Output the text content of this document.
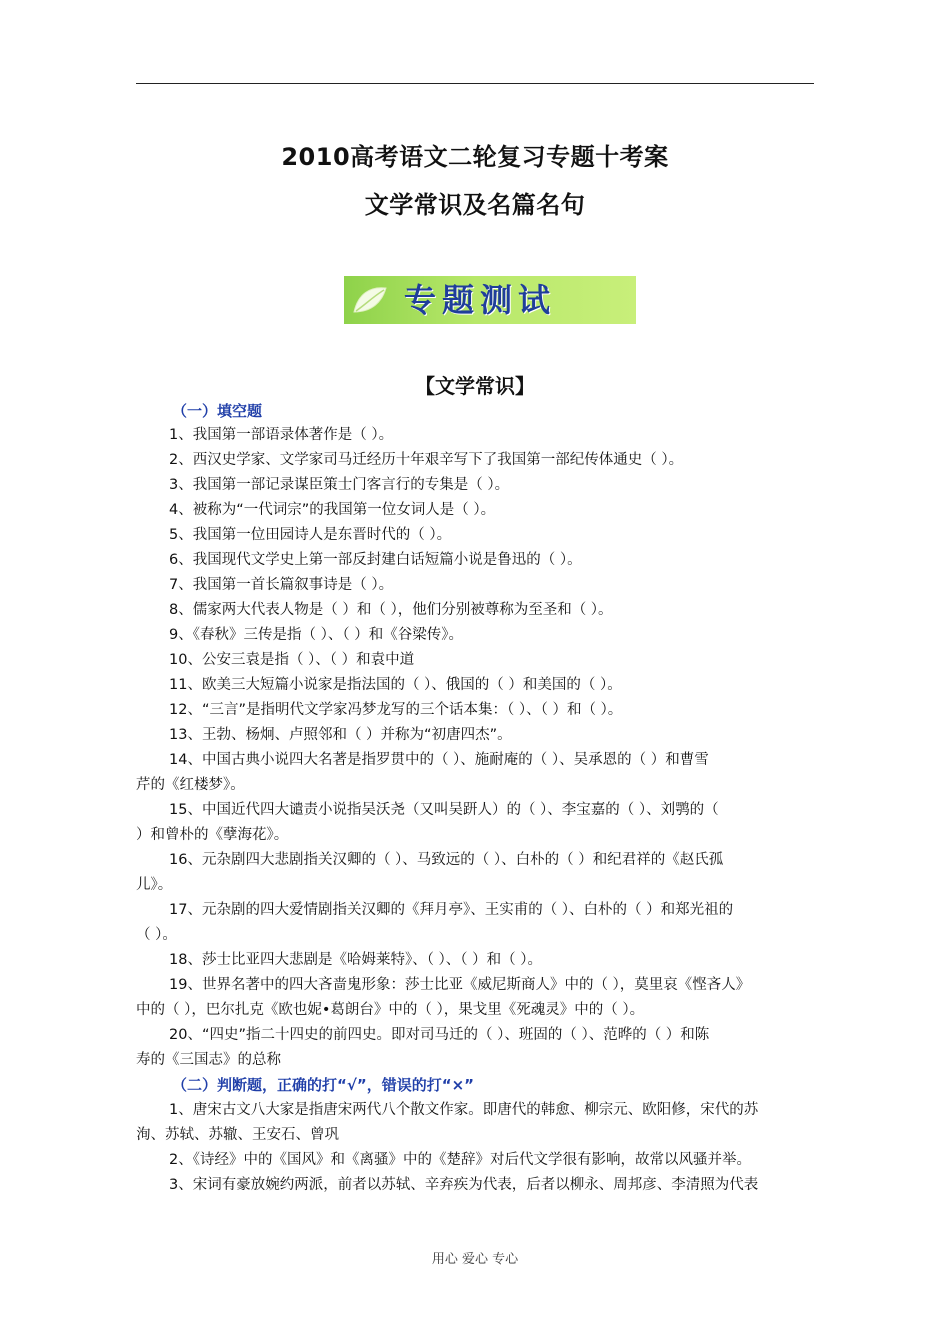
2010高考语文二轮复习专题十考案
文学常识及名篇名句
专题测试
【文学常识】
（一）填空题
1、我国第一部语录体著作是（ ）。
2、西汉史学家、文学家司马迁经历十年艰辛写下了我国第一部纪传体通史（ ）。
3、我国第一部记录谋臣策士门客言行的专集是（ ）。
4、被称为“一代词宗”的我国第一位女词人是（ ）。
5、我国第一位田园诗人是东晋时代的（ ）。
6、我国现代文学史上第一部反封建白话短篇小说是鲁迅的（ ）。
7、我国第一首长篇叙事诗是（ ）。
8、儒家两大代表人物是（ ）和（ ），他们分别被尊称为至圣和（ ）。
9、《春秋》三传是指（ ）、（ ）和《谷梁传》。
10、公安三袁是指（ ）、（ ）和袁中道
11、欧美三大短篇小说家是指法国的（ ）、俄国的（ ）和美国的（ ）。
12、“三言”是指明代文学家冯梦龙写的三个话本集：（ ）、（ ）和（ ）。
13、王勃、杨炯、卢照邻和（ ）并称为“初唐四杰”。
14、中国古典小说四大名著是指罗贯中的（ ）、施耐庵的（ ）、吴承恩的（ ）和曹雪
芹的《红楼梦》。
15、中国近代四大谴责小说指吴沃尧（又叫吴趼人）的（ ）、李宝嘉的（ ）、刘鹗的（
）和曾朴的《孽海花》。
16、元杂剧四大悲剧指关汉卿的（ ）、马致远的（ ）、白朴的（ ）和纪君祥的《赵氏孤
儿》。
17、元杂剧的四大爱情剧指关汉卿的《拜月亭》、王实甫的（ ）、白朴的（ ）和郑光祖的
（ ）。
18、莎士比亚四大悲剧是《哈姆莱特》、（ ）、（ ）和（ ）。
19、世界名著中的四大吝啬鬼形象：莎士比亚《威尼斯商人》中的（ ），莫里哀《悭吝人》
中的（ ），巴尔扎克《欧也妮•葛朗台》中的（ ），果戈里《死魂灵》中的（ ）。
20、“四史”指二十四史的前四史。即对司马迁的（ ）、班固的（ ）、范晔的（ ）和陈
寿的《三国志》的总称
（二）判断题，正确的打“√”，错误的打“×”
1、唐宋古文八大家是指唐宋两代八个散文作家。即唐代的韩愈、柳宗元、欧阳修，宋代的苏
洵、苏轼、苏辙、王安石、曾巩
2、《诗经》中的《国风》和《离骚》中的《楚辞》对后代文学很有影响，故常以风骚并举。
3、宋词有豪放婉约两派，前者以苏轼、辛弃疾为代表，后者以柳永、周邦彦、李清照为代表
用心 爱心 专心
